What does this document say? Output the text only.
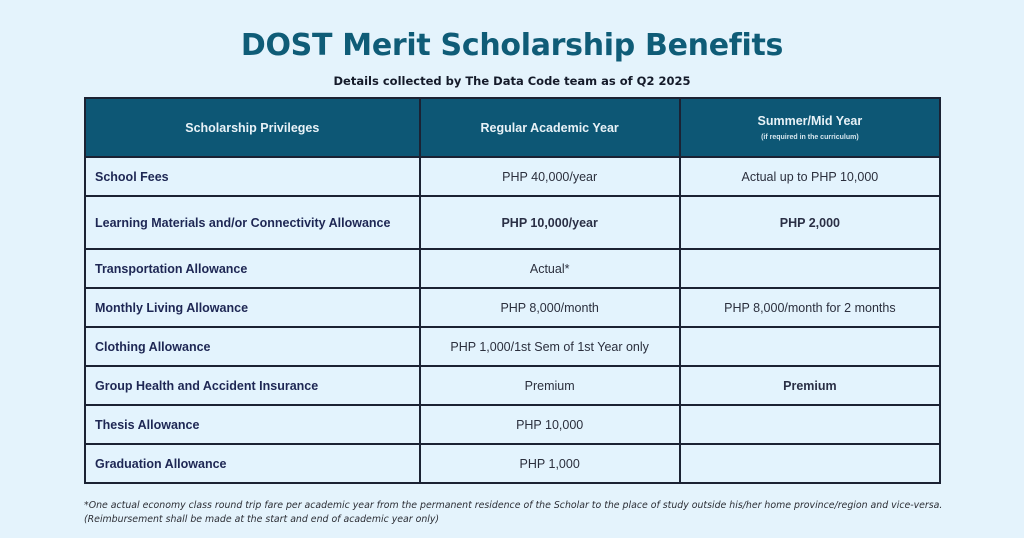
DOST Merit Scholarship Benefits
Details collected by The Data Code team as of Q2 2025
Scholarship Privileges	Regular Academic Year	Summer/Mid Year
(if required in the curriculum)

School Fees	PHP 40,000/year	Actual up to PHP 10,000
Learning Materials and/or Connectivity Allowance	PHP 10,000/year	PHP 2,000
Transportation Allowance	Actual*	
Monthly Living Allowance	PHP 8,000/month	PHP 8,000/month for 2 months
Clothing Allowance	PHP 1,000/1st Sem of 1st Year only	
Group Health and Accident Insurance	Premium	Premium
Thesis Allowance	PHP 10,000	
Graduation Allowance	PHP 1,000	
*One actual economy class round trip fare per academic year from the permanent residence of the Scholar to the place of study outside his/her home province/region and vice-versa. (Reimbursement shall be made at the start and end of academic year only)
